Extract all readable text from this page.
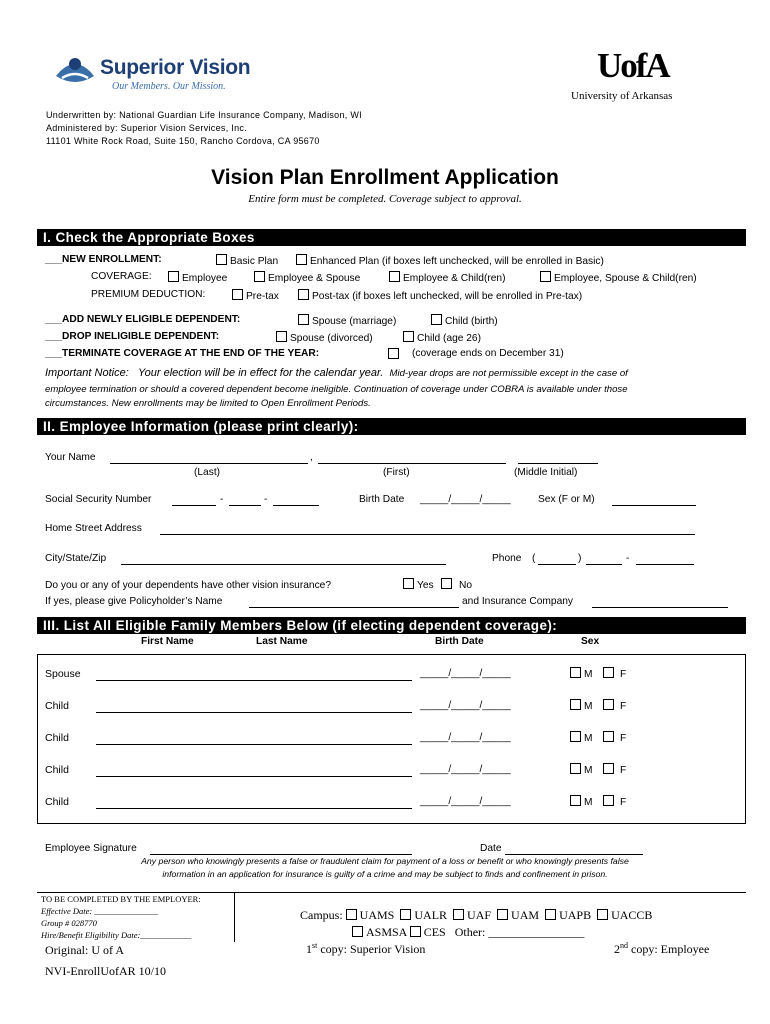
Superior Vision
Our Members. Our Mission.
UofA
University of Arkansas
Underwritten by: National Guardian Life Insurance Company, Madison, WI
Administered by: Superior Vision Services, Inc.
11101 White Rock Road, Suite 150, Rancho Cordova, CA 95670
Vision Plan Enrollment Application
Entire form must be completed. Coverage subject to approval.
I. Check the Appropriate Boxes
___NEW ENROLLMENT:	Basic Plan	Enhanced Plan (if boxes left unchecked, will be enrolled in Basic)
COVERAGE:	Employee	Employee & Spouse	Employee & Child(ren)	Employee, Spouse & Child(ren)
PREMIUM DEDUCTION:	Pre-tax	Post-tax (if boxes left unchecked, will be enrolled in Pre-tax)
___ADD NEWLY ELIGIBLE DEPENDENT:	Spouse (marriage)	Child (birth)
___DROP INELIGIBLE DEPENDENT:	Spouse (divorced)	Child (age 26)
___TERMINATE COVERAGE AT THE END OF THE YEAR:	(coverage ends on December 31)
Important Notice: Your election will be in effect for the calendar year. Mid-year drops are not permissible except in the case of
employee termination or should a covered dependent become ineligible. Continuation of coverage under COBRA is available under those
circumstances. New enrollments may be limited to Open Enrollment Periods.
II. Employee Information (please print clearly):
Your Name	,
(Last)	(First)	(Middle Initial)
Social Security Number	-	-	Birth Date _____/_____/_____	Sex (F or M)
Home Street Address
City/State/Zip	Phone (	)	-
Do you or any of your dependents have other vision insurance?	Yes	No
If yes, please give Policyholder’s Name	and Insurance Company
III. List All Eligible Family Members Below (if electing dependent coverage):
First Name	Last Name	Birth Date	Sex
Spouse	_____/_____/_____	M	F
Child	_____/_____/_____	M	F
Child	_____/_____/_____	M	F
Child	_____/_____/_____	M	F
Child	_____/_____/_____	M	F
Employee Signature	Date
Any person who knowingly presents a false or fraudulent claim for payment of a loss or benefit or who knowingly presents false
information in an application for insurance is guilty of a crime and may be subject to finds and confinement in prison.
TO BE COMPLETED BY THE EMPLOYER:
Effective Date: _______________
Group # 028770
Hire/Benefit Eligibility Date:____________
Campus: UAMS UALR UAF UAM UAPB UACCB
ASMSA CES Other: ________________
Original: U of A	1st copy: Superior Vision	2nd copy: Employee
NVI-EnrollUofAR 10/10
